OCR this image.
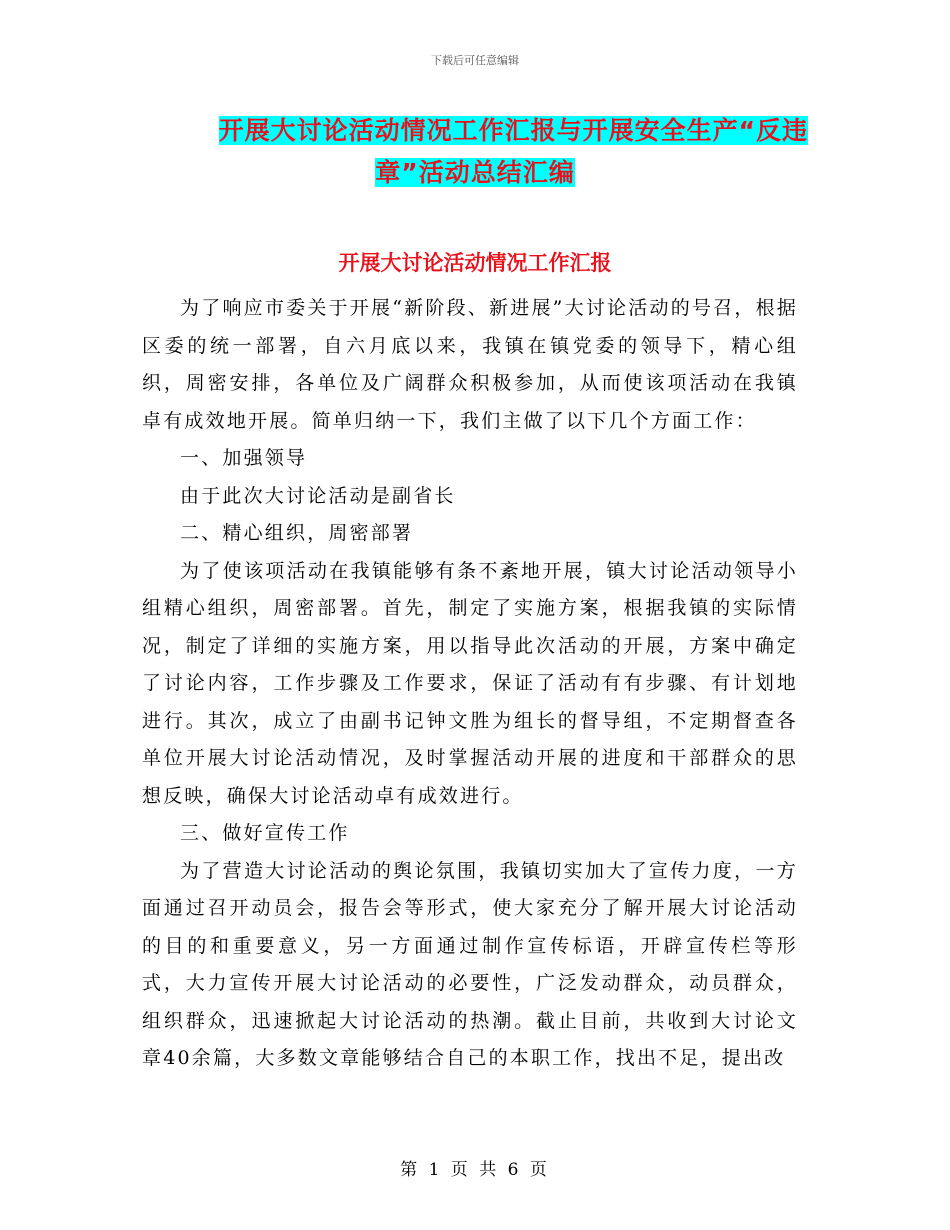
下载后可任意编辑
开展大讨论活动情况工作汇报与开展安全生产“反违
章”活动总结汇编
开展大讨论活动情况工作汇报

为了响应市委关于开展“新阶段、新进展”大讨论活动的号召，根据区委的统一部署，自六月底以来，我镇在镇党委的领导下，精心组织，周密安排，各单位及广阔群众积极参加，从而使该项活动在我镇卓有成效地开展。简单归纳一下，我们主做了以下几个方面工作：

一、加强领导

由于此次大讨论活动是副省长

二、精心组织，周密部署

为了使该项活动在我镇能够有条不紊地开展，镇大讨论活动领导小组精心组织，周密部署。首先，制定了实施方案，根据我镇的实际情况，制定了详细的实施方案，用以指导此次活动的开展，方案中确定了讨论内容，工作步骤及工作要求，保证了活动有有步骤、有计划地进行。其次，成立了由副书记钟文胜为组长的督导组，不定期督查各单位开展大讨论活动情况，及时掌握活动开展的进度和干部群众的思想反映，确保大讨论活动卓有成效进行。

三、做好宣传工作

为了营造大讨论活动的舆论氛围，我镇切实加大了宣传力度，一方面通过召开动员会，报告会等形式，使大家充分了解开展大讨论活动的目的和重要意义，另一方面通过制作宣传标语，开辟宣传栏等形式，大力宣传开展大讨论活动的必要性，广泛发动群众，动员群众，组织群众，迅速掀起大讨论活动的热潮。截止目前，共收到大讨论文章40余篇，大多数文章能够结合自己的本职工作，找出不足，提出改

第 1 页 共 6 页
